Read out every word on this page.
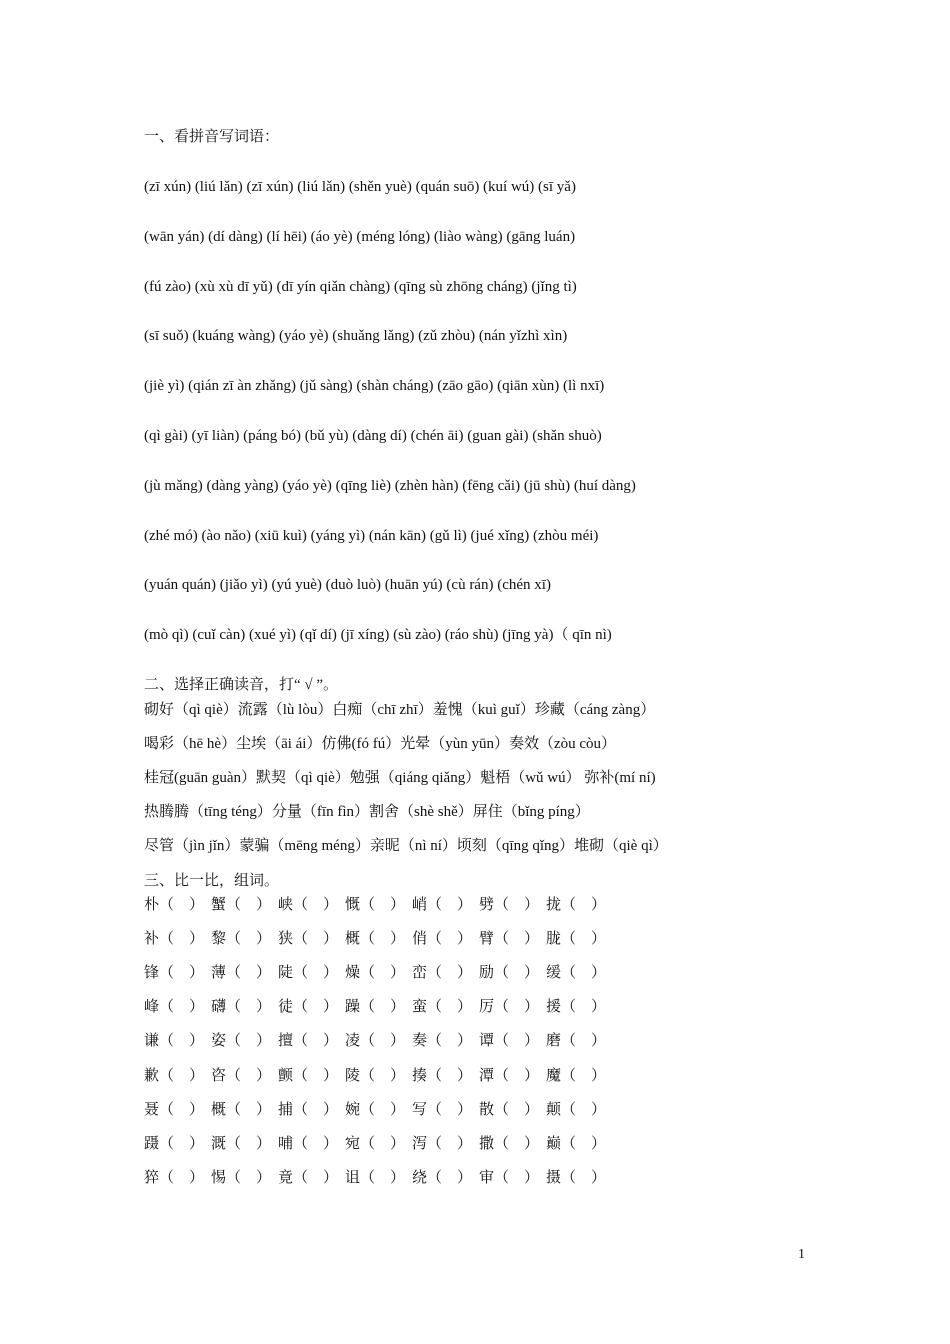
一、看拼音写词语：
(zī xún) (liú lǎn) (zī xún) (liú lǎn) (shěn yuè) (quán suō) (kuí wú) (sī yǎ)
(wān yán) (dí dàng) (lí hēi) (áo yè) (méng lóng) (liào wàng) (gāng luán)
(fú zào) (xù xù dī yǔ) (dī yín qiǎn chàng) (qīng sù zhōng cháng) (jǐng tì)
(sī suǒ) (kuáng wàng) (yáo yè) (shuǎng lǎng) (zǔ zhòu) (nán yǐzhì xìn)
(jiè yì) (qián zī àn zhǎng) (jǔ sàng) (shàn cháng) (zāo gāo) (qiān xùn) (lì nxī)
(qì gài) (yī liàn) (páng bó) (bǔ yù) (dàng dí) (chén āi) (guan gài) (shǎn shuò)
(jù mǎng) (dàng yàng) (yáo yè) (qīng liè) (zhèn hàn) (fēng cǎi) (jū shù) (huí dàng)
(zhé mó) (ào nǎo) (xiū kuì) (yáng yì) (nán kān) (gǔ lì) (jué xǐng) (zhòu méi)
(yuán quán) (jiǎo yì) (yú yuè) (duò luò) (huān yú) (cù rán) (chén xī)
(mò qì) (cuǐ càn) (xué yì) (qǐ dí) (jī xíng) (sù zào) (ráo shù) (jīng yà)（ qīn nì)
二、选择正确读音，打“ √ ”。
砌好（qì qiè）流露（lù lòu）白痴（chī zhī）羞愧（kuì guǐ）珍藏（cáng zàng）
喝彩（hē hè）尘埃（āi ái）仿佛(fó fú）光晕（yùn yūn）奏效（zòu còu）
桂冠(guān guàn）默契（qì qiè）勉强（qiáng qiǎng）魁梧（wǔ wú） 弥补(mí ní)
热腾腾（tīng téng）分量（fīn fìn）割舍（shè shě）屏住（bǐng píng）
尽管（jìn jǐn）蒙骗（mēng méng）亲昵（nì ní）顷刻（qīng qǐng）堆砌（qiè qì）
三、比一比，组词。
朴（　） 蟹（　） 峡（　） 慨（　） 峭（　） 劈（　） 拢（　）
补（　） 黎（　） 狭（　） 概（　） 俏（　） 臂（　） 胧（　）
锋（　） 薄（　） 陡（　） 燥（　） 峦（　） 励（　） 缓（　）
峰（　） 礴（　） 徒（　） 躁（　） 蛮（　） 厉（　） 援（　）
谦（　） 姿（　） 擅（　） 凌（　） 奏（　） 谭（　） 磨（　）
歉（　） 咨（　） 颤（　） 陵（　） 揍（　） 潭（　） 魔（　）
聂（　） 概（　） 捕（　） 婉（　） 写（　） 散（　） 颠（　）
蹑（　） 溉（　） 哺（　） 宛（　） 泻（　） 撒（　） 巅（　）
猝（　） 惕（　） 竟（　） 诅（　） 绕（　） 审（　） 摄（　）
1
